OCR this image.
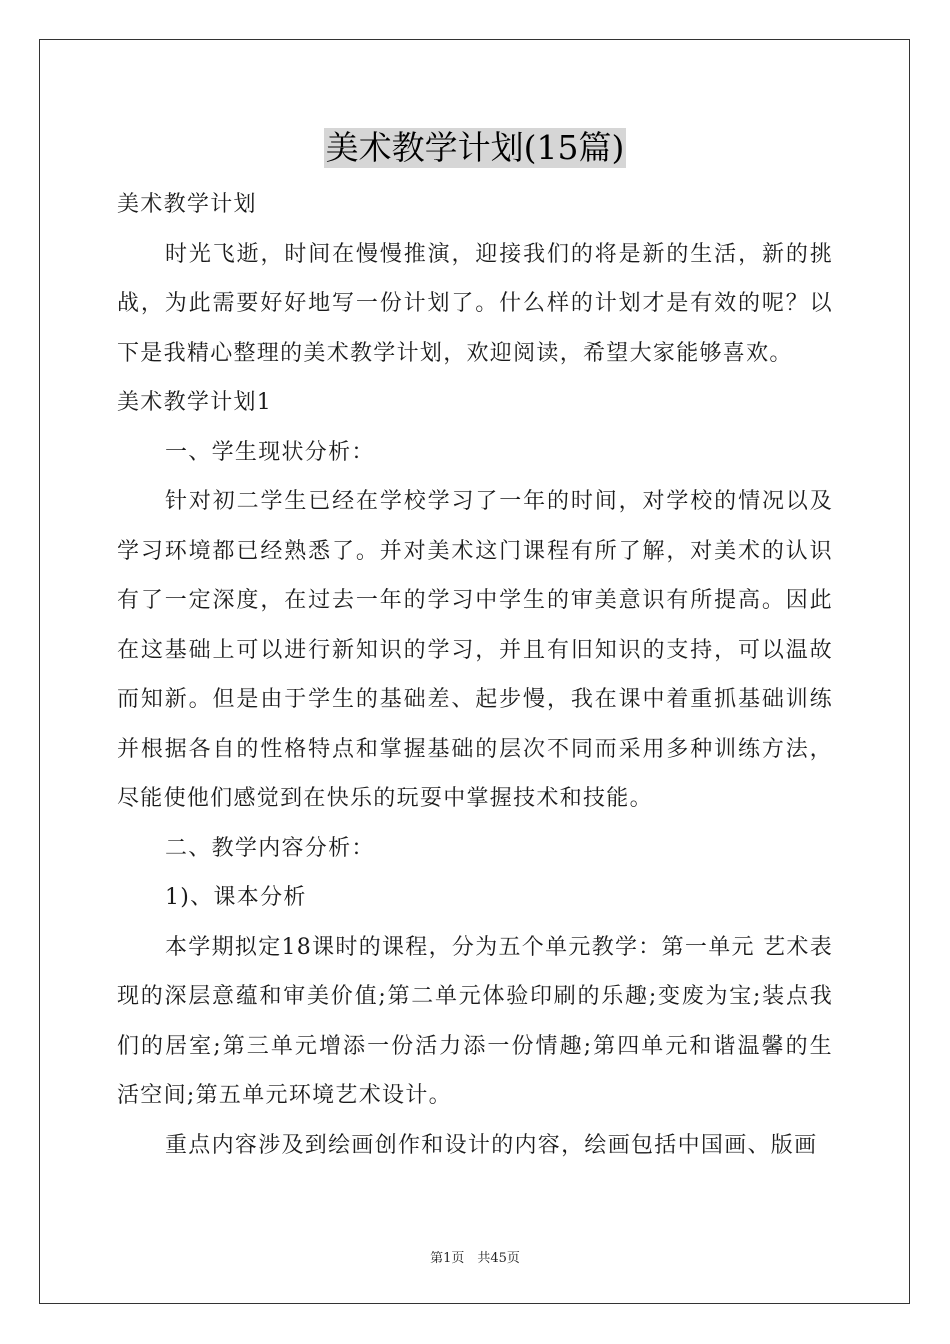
美术教学计划(15篇)

美术教学计划

时光飞逝，时间在慢慢推演，迎接我们的将是新的生活，新的挑战，为此需要好好地写一份计划了。什么样的计划才是有效的呢？以下是我精心整理的美术教学计划，欢迎阅读，希望大家能够喜欢。

美术教学计划1

一、学生现状分析：

针对初二学生已经在学校学习了一年的时间，对学校的情况以及学习环境都已经熟悉了。并对美术这门课程有所了解，对美术的认识有了一定深度，在过去一年的学习中学生的审美意识有所提高。因此在这基础上可以进行新知识的学习，并且有旧知识的支持，可以温故而知新。但是由于学生的基础差、起步慢，我在课中着重抓基础训练并根据各自的性格特点和掌握基础的层次不同而采用多种训练方法，尽能使他们感觉到在快乐的玩耍中掌握技术和技能。

二、教学内容分析：

1)、课本分析

本学期拟定18课时的课程，分为五个单元教学：第一单元 艺术表现的深层意蕴和审美价值;第二单元体验印刷的乐趣;变废为宝;装点我们的居室;第三单元增添一份活力添一份情趣;第四单元和谐温馨的生活空间;第五单元环境艺术设计。

重点内容涉及到绘画创作和设计的内容，绘画包括中国画、版画

第1页　共45页
